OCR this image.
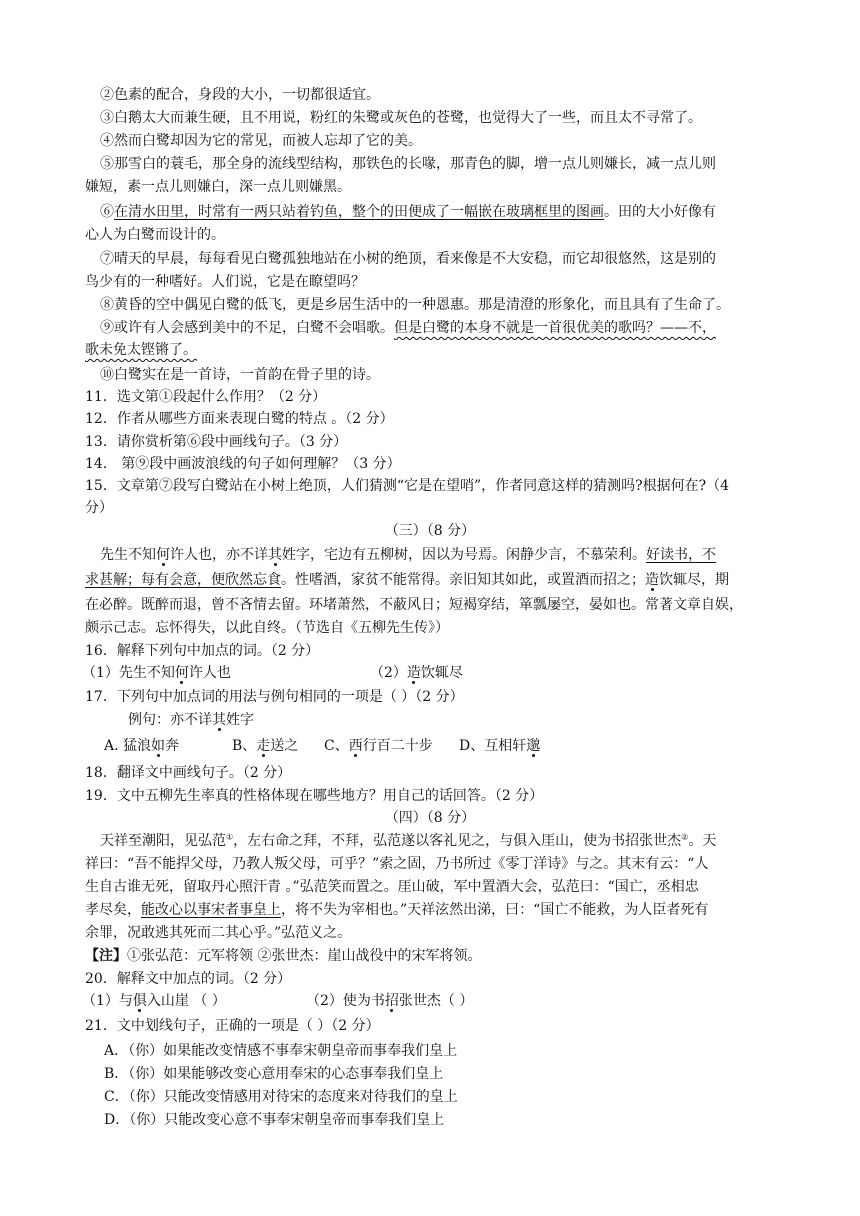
②色素的配合，身段的大小，一切都很适宜。
③白鹅太大而兼生硬，且不用说，粉红的朱鹭或灰色的苍鹭，也觉得大了一些，而且太不寻常了。
④然而白鹭却因为它的常见，而被人忘却了它的美。
⑤那雪白的蓑毛，那全身的流线型结构，那铁色的长喙，那青色的脚，增一点儿则嫌长，减一点儿则
嫌短，素一点儿则嫌白，深一点儿则嫌黑。
⑥在清水田里，时常有一两只站着钓鱼，整个的田便成了一幅嵌在玻璃框里的图画。田的大小好像有
心人为白鹭而设计的。
⑦晴天的早晨，每每看见白鹭孤独地站在小树的绝顶，看来像是不大安稳，而它却很悠然，这是别的
鸟少有的一种嗜好。人们说，它是在瞭望吗？
⑧黄昏的空中偶见白鹭的低飞，更是乡居生活中的一种恩惠。那是清澄的形象化，而且具有了生命了。
⑨或许有人会感到美中的不足，白鹭不会唱歌。但是白鹭的本身不就是一首很优美的歌吗？——不，
歌未免太铿锵了。
⑩白鹭实在是一首诗，一首韵在骨子里的诗。
11．选文第①段起什么作用？（2 分）
12．作者从哪些方面来表现白鹭的特点 。（2 分）
13．请你赏析第⑥段中画线句子。（3 分）
14． 第⑨段中画波浪线的句子如何理解？（3 分）
15．文章第⑦段写白鹭站在小树上绝顶，人们猜测“它是在望哨”，作者同意这样的猜测吗?根据何在?（4
分）
（三）（8 分）
先生不知何许人也，亦不详其姓字，宅边有五柳树，因以为号焉。闲静少言，不慕荣利。好读书，不
求甚解；每有会意，便欣然忘食。性嗜酒，家贫不能常得。亲旧知其如此，或置酒而招之；造饮辄尽，期
在必醉。既醉而退，曾不吝情去留。环堵萧然，不蔽风日；短褐穿结，箪瓢屡空，晏如也。常著文章自娱，
颇示己志。忘怀得失，以此自终。（节选自《五柳先生传》）
16．解释下列句中加点的词。（2 分）
（1）先生不知何许人也	（2）造饮辄尽
17．下列句中加点词的用法与例句相同的一项是（ ）（2 分）
例句：亦不详其姓字
A. 猛浪如奔	B、走送之 C、西行百二十步 D、互相轩邈
18．翻译文中画线句子。（2 分）
19．文中五柳先生率真的性格体现在哪些地方？用自己的话回答。（2 分）
（四）（8 分）
天祥至潮阳，见弘范①，左右命之拜，不拜，弘范遂以客礼见之，与俱入厓山，使为书招张世杰②。天
祥曰：“吾不能捍父母，乃教人叛父母，可乎？”索之固，乃书所过《零丁洋诗》与之。其末有云：“人
生自古谁无死，留取丹心照汗青 。”弘范笑而置之。厓山破，军中置酒大会，弘范曰：“国亡，丞相忠
孝尽矣，能改心以事宋者事皇上，将不失为宰相也。”天祥泫然出涕，曰：“国亡不能救，为人臣者死有
余罪，况敢逃其死而二其心乎。”弘范义之。
【注】①张弘范：元军将领 ②张世杰：崖山战役中的宋军将领。
20．解释文中加点的词。（2 分）
（1）与俱入山崖 （ ）	（2）使为书招张世杰（ ）
21．文中划线句子，正确的一项是（ ）（2 分）
A．（你）如果能改变情感不事奉宋朝皇帝而事奉我们皇上
B．（你）如果能够改变心意用奉宋的心态事奉我们皇上
C．（你）只能改变情感用对待宋的态度来对待我们的皇上
D．（你）只能改变心意不事奉宋朝皇帝而事奉我们皇上
